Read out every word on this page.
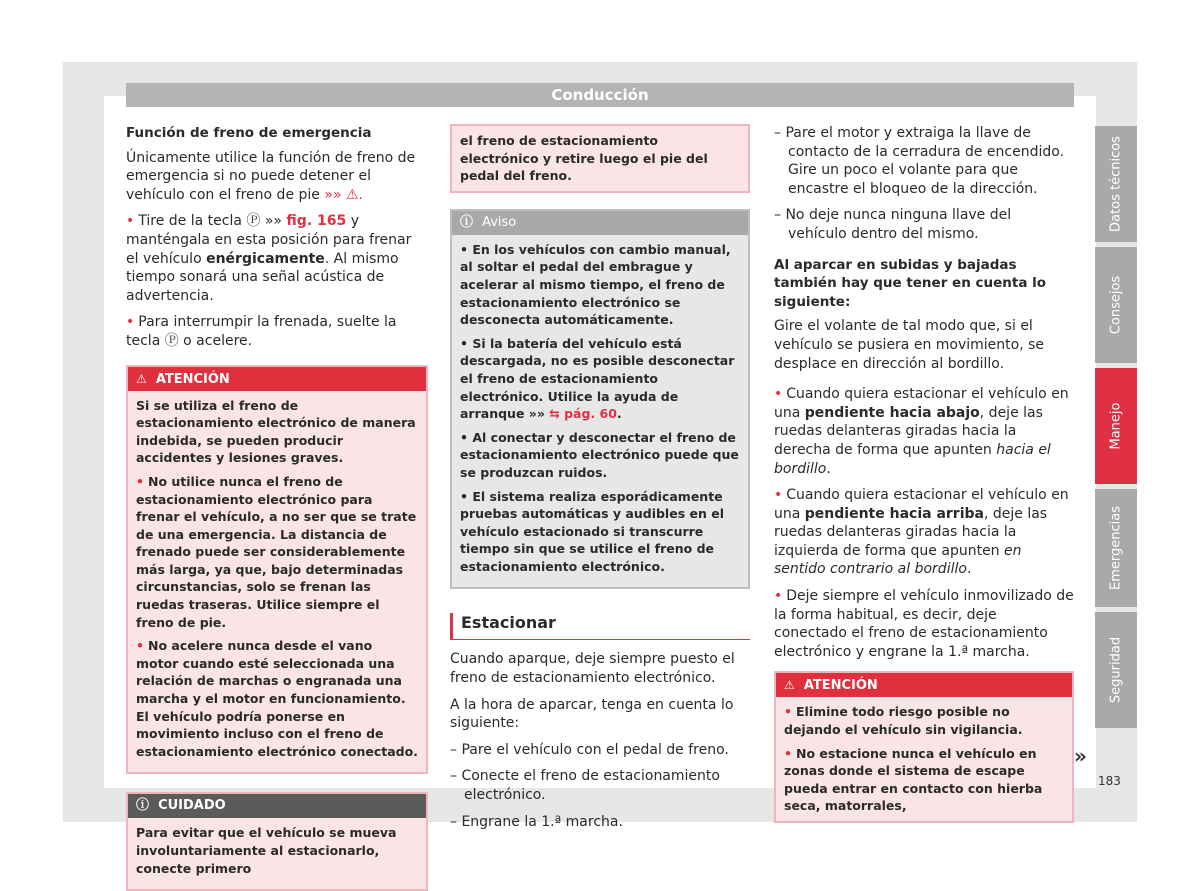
Conducción
Función de freno de emergencia

Únicamente utilice la función de freno de emergencia si no puede detener el vehículo con el freno de pie »» ⚠.

• Tire de la tecla Ⓟ »» fig. 165 y manténgala en esta posición para frenar el vehículo enérgicamente. Al mismo tiempo sonará una señal acústica de advertencia.

• Para interrumpir la frenada, suelte la tecla Ⓟ o acelere.

⚠ ATENCIÓN

Si se utiliza el freno de estacionamiento electrónico de manera indebida, se pueden producir accidentes y lesiones graves.

• No utilice nunca el freno de estacionamiento electrónico para frenar el vehículo, a no ser que se trate de una emergencia. La distancia de frenado puede ser considerablemente más larga, ya que, bajo determinadas circunstancias, solo se frenan las ruedas traseras. Utilice siempre el freno de pie.

• No acelere nunca desde el vano motor cuando esté seleccionada una relación de marchas o engranada una marcha y el motor en funcionamiento. El vehículo podría ponerse en movimiento incluso con el freno de estacionamiento electrónico conectado.

ⓘ CUIDADO

Para evitar que el vehículo se mueva involuntariamente al estacionarlo, conecte primero

el freno de estacionamiento electrónico y retire luego el pie del pedal del freno.

ⓘ Aviso

• En los vehículos con cambio manual, al soltar el pedal del embrague y acelerar al mismo tiempo, el freno de estacionamiento electrónico se desconecta automáticamente.

• Si la batería del vehículo está descargada, no es posible desconectar el freno de estacionamiento electrónico. Utilice la ayuda de arranque »» ⇆ pág. 60.

• Al conectar y desconectar el freno de estacionamiento electrónico puede que se produzcan ruidos.

• El sistema realiza esporádicamente pruebas automáticas y audibles en el vehículo estacionado si transcurre tiempo sin que se utilice el freno de estacionamiento electrónico.

Estacionar

Cuando aparque, deje siempre puesto el freno de estacionamiento electrónico.

A la hora de aparcar, tenga en cuenta lo siguiente:

– Pare el vehículo con el pedal de freno.

– Conecte el freno de estacionamiento electrónico.

– Engrane la 1.ª marcha.

– Pare el motor y extraiga la llave de contacto de la cerradura de encendido. Gire un poco el volante para que encastre el bloqueo de la dirección.

– No deje nunca ninguna llave del vehículo dentro del mismo.

Al aparcar en subidas y bajadas también hay que tener en cuenta lo siguiente:

Gire el volante de tal modo que, si el vehículo se pusiera en movimiento, se desplace en dirección al bordillo.

• Cuando quiera estacionar el vehículo en una pendiente hacia abajo, deje las ruedas delanteras giradas hacia la derecha de forma que apunten hacia el bordillo.

• Cuando quiera estacionar el vehículo en una pendiente hacia arriba, deje las ruedas delanteras giradas hacia la izquierda de forma que apunten en sentido contrario al bordillo.

• Deje siempre el vehículo inmovilizado de la forma habitual, es decir, deje conectado el freno de estacionamiento electrónico y engrane la 1.ª marcha.

⚠ ATENCIÓN

• Elimine todo riesgo posible no dejando el vehículo sin vigilancia.

• No estacione nunca el vehículo en zonas donde el sistema de escape pueda entrar en contacto con hierba seca, matorrales,

»
Datos técnicos
Consejos
Manejo
Emergencias
Seguridad
183
